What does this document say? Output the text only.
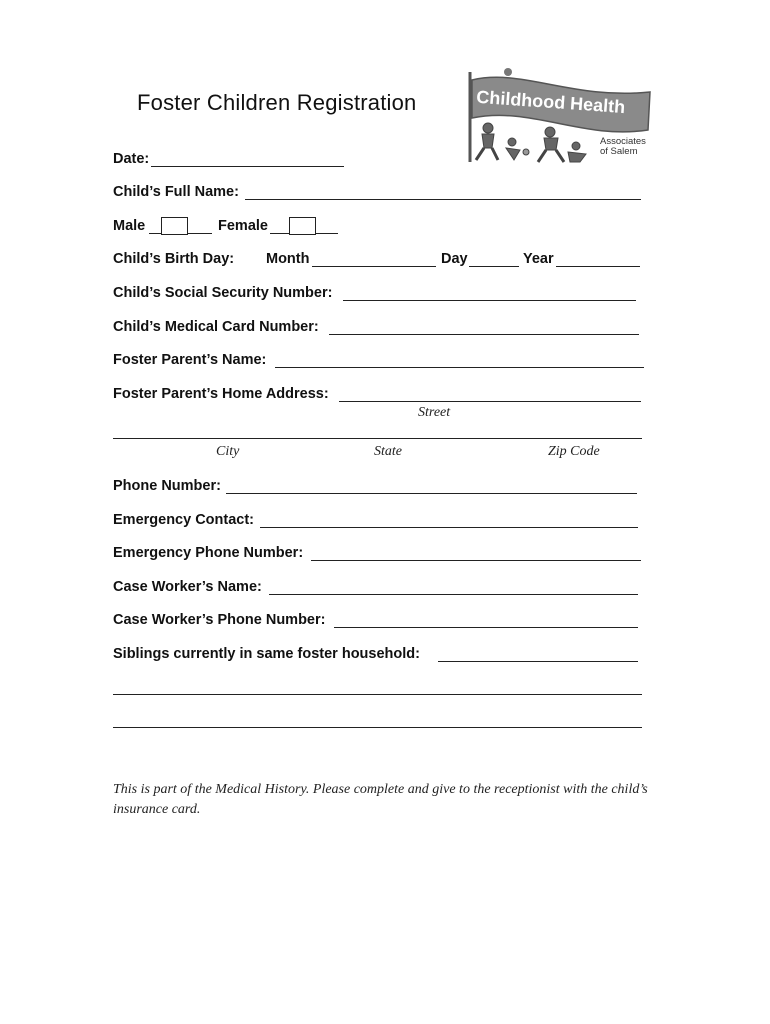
Foster Children Registration	Childhood Health
Associates
of Salem
Date:
Child’s Full Name:
Male	Female
Child’s Birth Day: Month	Day	Year
Child’s Social Security Number:
Child’s Medical Card Number:
Foster Parent’s Name:
Foster Parent’s Home Address:
Street
City	State	Zip Code
Phone Number:
Emergency Contact:
Emergency Phone Number:
Case Worker’s Name:
Case Worker’s Phone Number:
Siblings currently in same foster household:
This is part of the Medical History. Please complete and give to the receptionist with the child’s insurance card.
